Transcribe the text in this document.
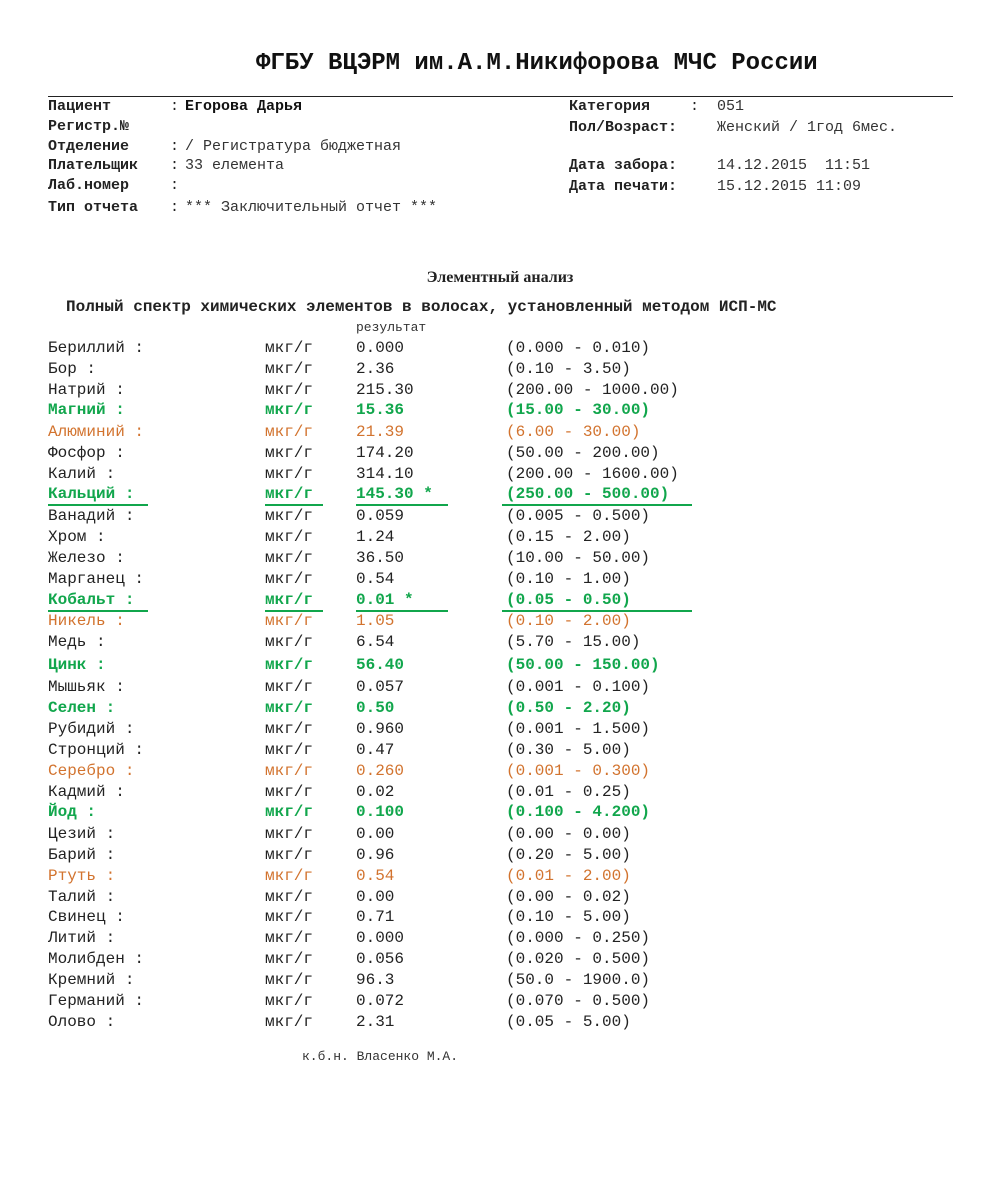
ФГБУ ВЦЭРМ им.А.М.Никифорова МЧС России
Пациент	: Егорова Дарья
Регистр.№
Отделение	: / Регистратура бюджетная
Плательщик : 33 елемента
Лаб.номер	:
Тип отчета : *** Заключительный отчет ***
Категория	: 051
Пол/Возраст:	Женский / 1год 6мес.
Дата забора:	14.12.2015  11:51
Дата печати:	15.12.2015 11:09
Элементный анализ
Полный спектр химических элементов в волосах, установленный методом ИСП-МС
результат
Бериллий :	мкг/г	0.000	(0.000 - 0.010)
Бор :	мкг/г	2.36	(0.10 - 3.50)
Натрий :	мкг/г	215.30	(200.00 - 1000.00)
Магний :	мкг/г	15.36	(15.00 - 30.00)
Алюминий :	мкг/г	21.39	(6.00 - 30.00)
Фосфор :	мкг/г	174.20	(50.00 - 200.00)
Калий :	мкг/г	314.10	(200.00 - 1600.00)
Кальций :	мкг/г	145.30 *	(250.00 - 500.00)
Ванадий :	мкг/г	0.059	(0.005 - 0.500)
Хром :	мкг/г	1.24	(0.15 - 2.00)
Железо :	мкг/г	36.50	(10.00 - 50.00)
Марганец :	мкг/г	0.54	(0.10 - 1.00)
Кобальт :	мкг/г	0.01 *	(0.05 - 0.50)
Никель :	мкг/г	1.05	(0.10 - 2.00)
Медь :	мкг/г	6.54	(5.70 - 15.00)
Цинк :	мкг/г	56.40	(50.00 - 150.00)
Мышьяк :	мкг/г	0.057	(0.001 - 0.100)
Селен :	мкг/г	0.50	(0.50 - 2.20)
Рубидий :	мкг/г	0.960	(0.001 - 1.500)
Стронций :	мкг/г	0.47	(0.30 - 5.00)
Серебро :	мкг/г	0.260	(0.001 - 0.300)
Кадмий :	мкг/г	0.02	(0.01 - 0.25)
Йод :	мкг/г	0.100	(0.100 - 4.200)
Цезий :	мкг/г	0.00	(0.00 - 0.00)
Барий :	мкг/г	0.96	(0.20 - 5.00)
Ртуть :	мкг/г	0.54	(0.01 - 2.00)
Талий :	мкг/г	0.00	(0.00 - 0.02)
Свинец :	мкг/г	0.71	(0.10 - 5.00)
Литий :	мкг/г	0.000	(0.000 - 0.250)
Молибден :	мкг/г	0.056	(0.020 - 0.500)
Кремний :	мкг/г	96.3	(50.0 - 1900.0)
Германий :	мкг/г	0.072	(0.070 - 0.500)
Олово :	мкг/г	2.31	(0.05 - 5.00)
к.б.н. Власенко М.А.
